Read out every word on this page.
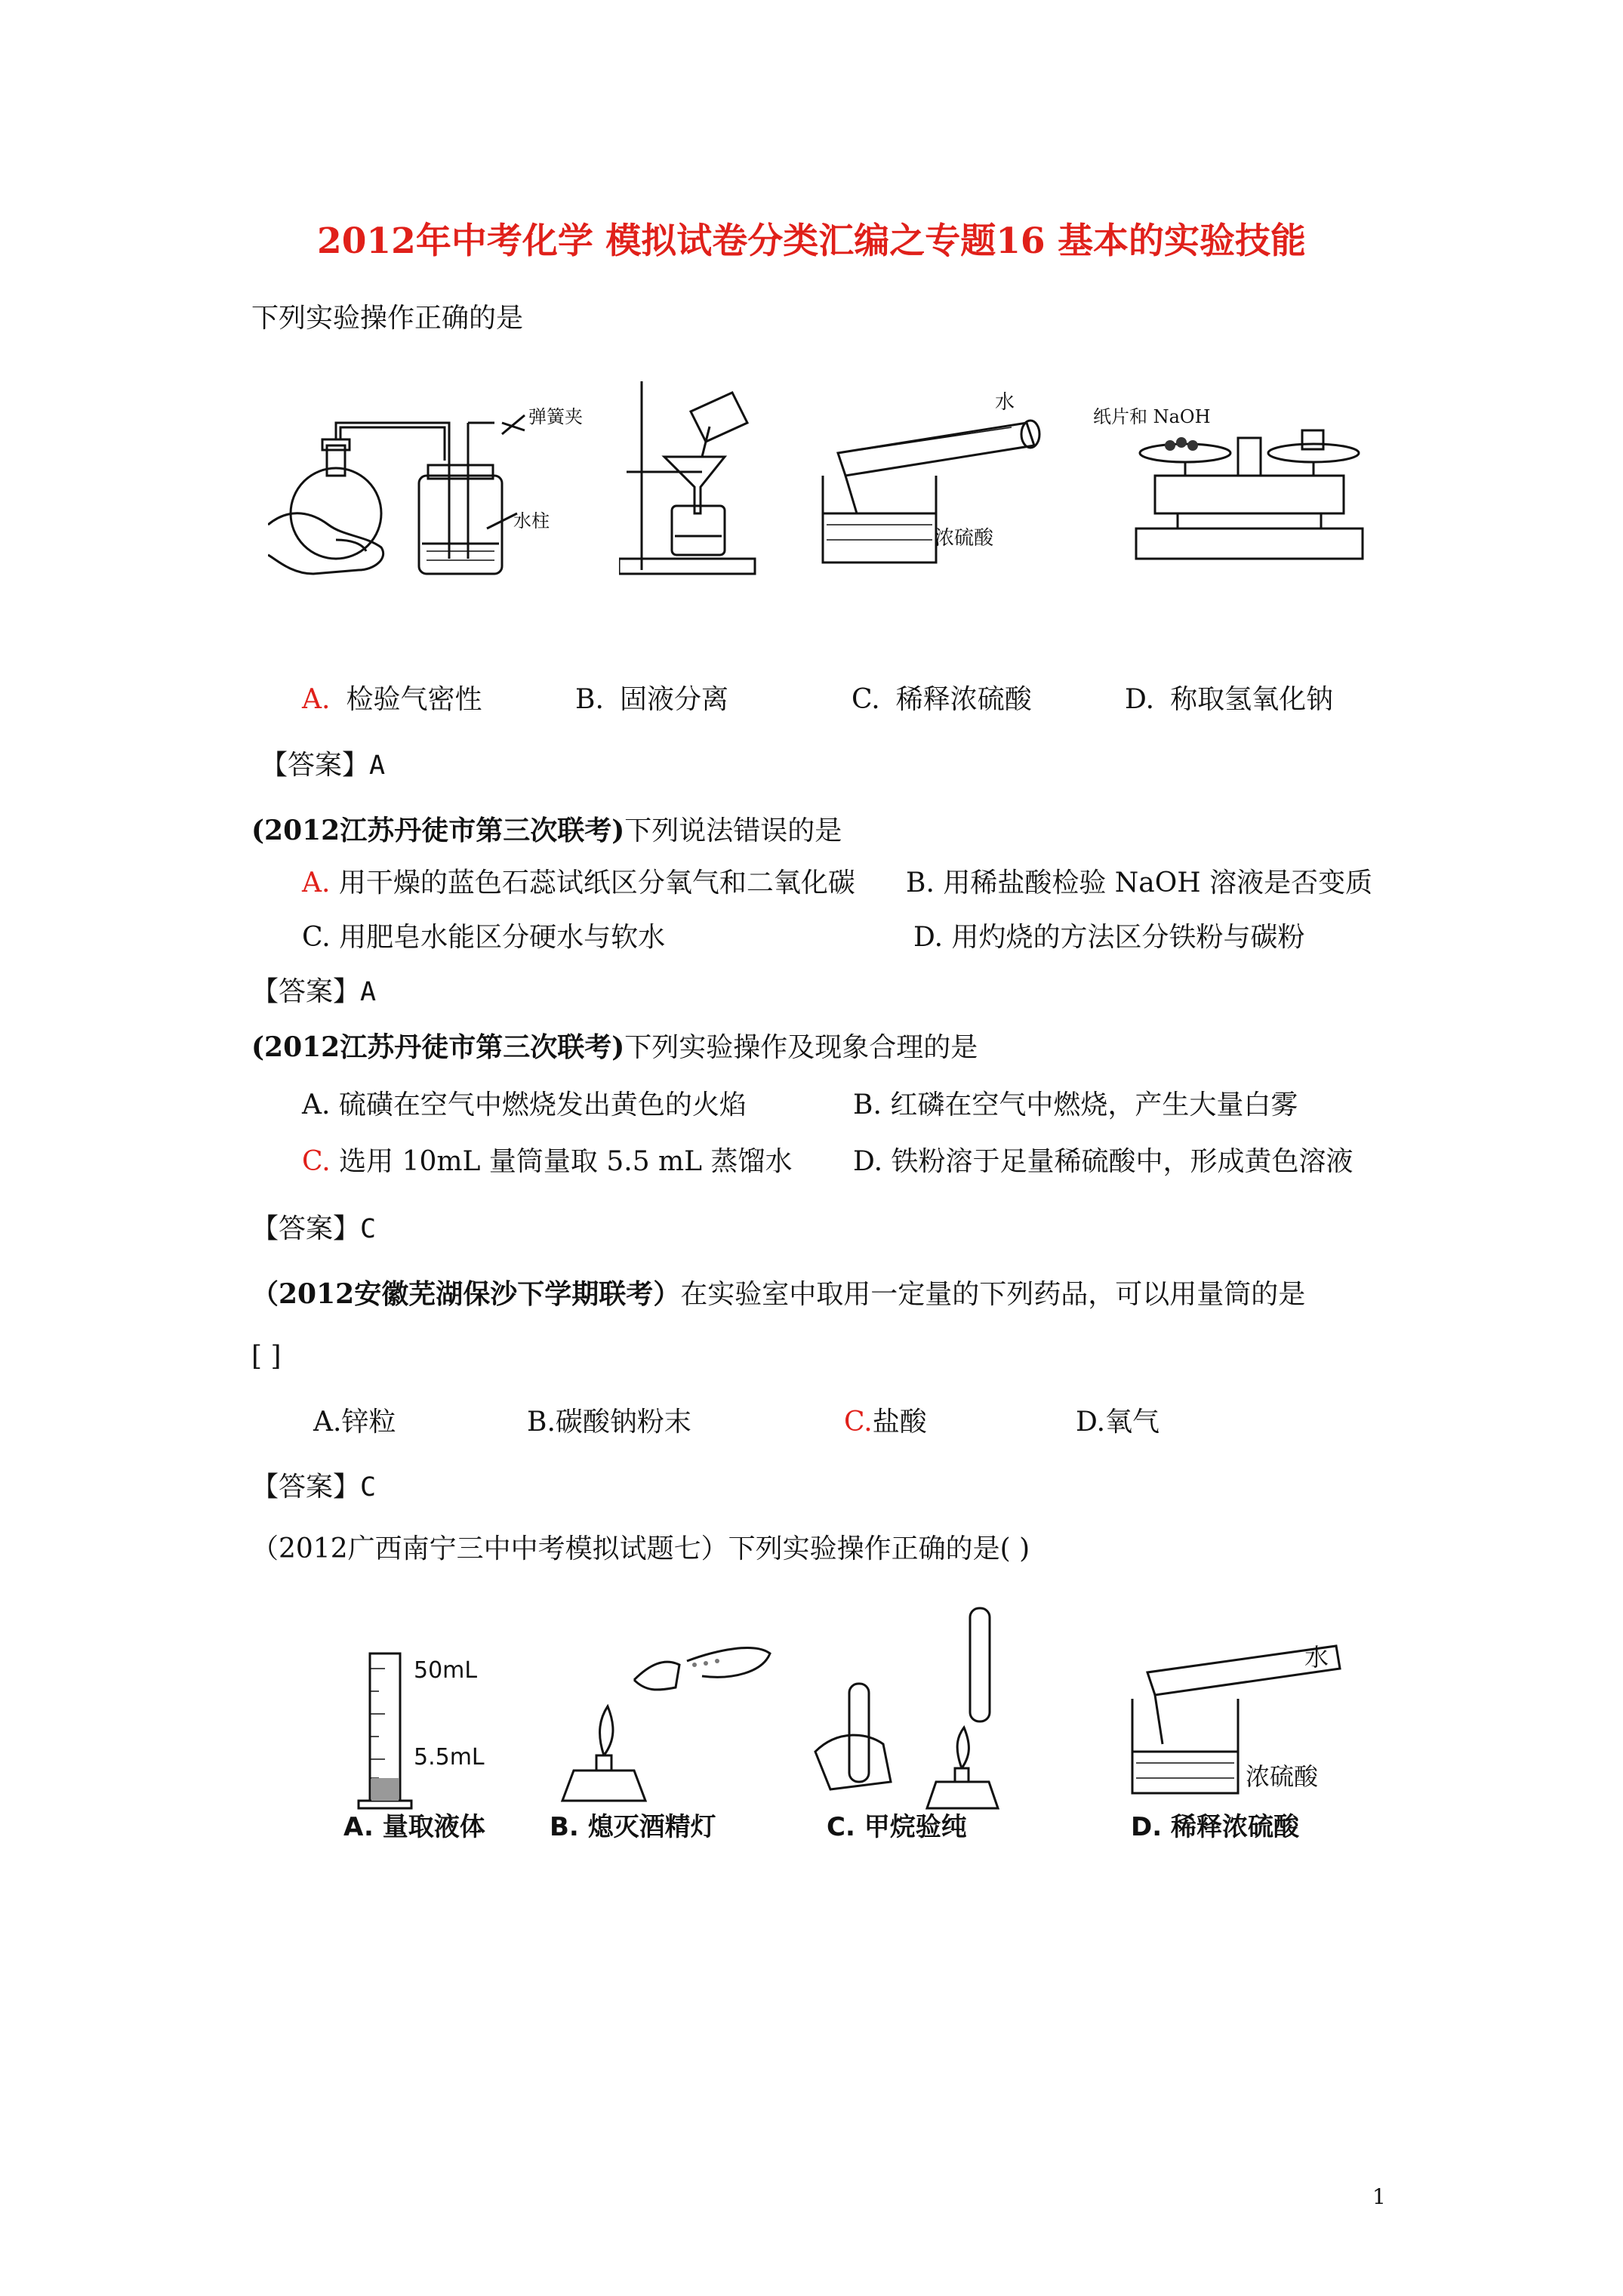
2012年中考化学 模拟试卷分类汇编之专题16 基本的实验技能
下列实验操作正确的是
弹簧夹
水柱
水
浓硫酸
纸片和 NaOH
A. 检验气密性	B. 固液分离	C. 稀释浓硫酸	D. 称取氢氧化钠
【答案】A
(2012江苏丹徒市第三次联考)下列说法错误的是
A. 用干燥的蓝色石蕊试纸区分氧气和二氧化碳 B. 用稀盐酸检验 NaOH 溶液是否变质
C. 用肥皂水能区分硬水与软水	D. 用灼烧的方法区分铁粉与碳粉
【答案】A
(2012江苏丹徒市第三次联考)下列实验操作及现象合理的是
A. 硫磺在空气中燃烧发出黄色的火焰	B. 红磷在空气中燃烧，产生大量白雾
C. 选用 10mL 量筒量取 5.5 mL 蒸馏水 D. 铁粉溶于足量稀硫酸中，形成黄色溶液
【答案】C
（2012安徽芜湖保沙下学期联考）在实验室中取用一定量的下列药品，可以用量筒的是
[ ]
A.锌粒	B.碳酸钠粉末	C.盐酸	D.氧气
【答案】C
（2012广西南宁三中中考模拟试题七）下列实验操作正确的是( )
50mL
5.5mL
水
浓硫酸
A. 量取液体	B. 熄灭酒精灯	C. 甲烷验纯	D. 稀释浓硫酸
1
